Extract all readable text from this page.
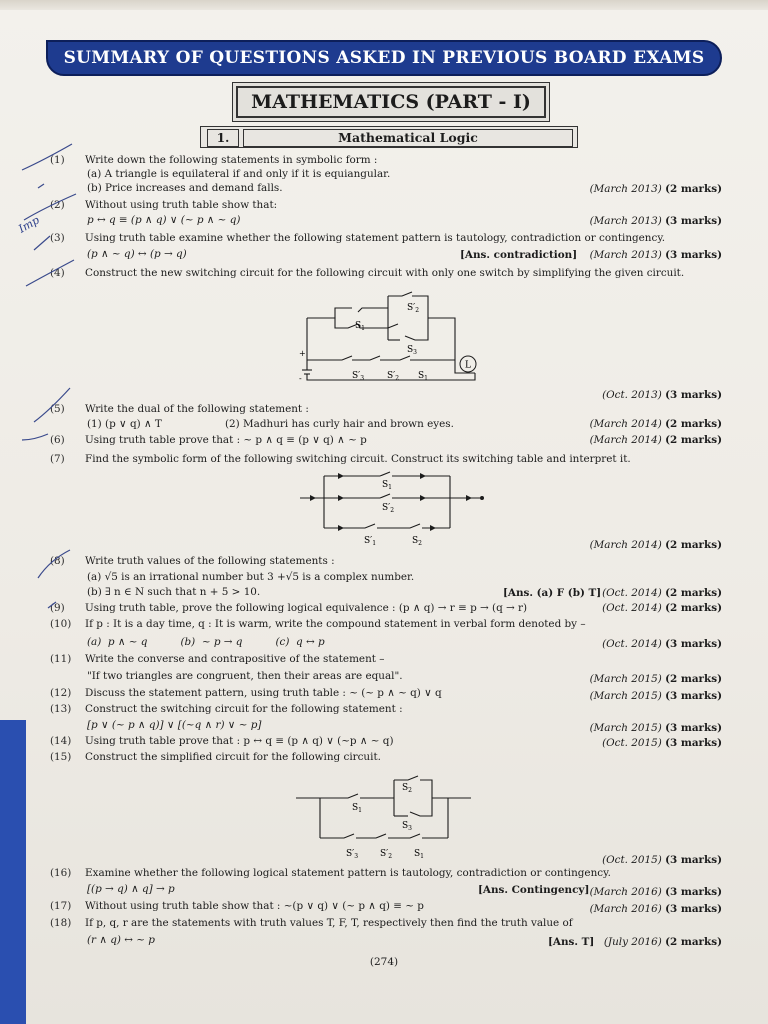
SUMMARY OF QUESTIONS ASKED IN PREVIOUS BOARD EXAMS
MATHEMATICS (PART - I)
1.	Mathematical Logic
(1) Write down the following statements in symbolic form :
(a) A triangle is equilateral if and only if it is equiangular.
(b) Price increases and demand falls.	(March 2013) (2 marks)
(2) Without using truth table show that:
p ↔ q ≡ (p ∧ q) ∨ (~ p ∧ ~ q)	(March 2013) (3 marks)
Imp
(3) Using truth table examine whether the following statement pattern is tautology, contradiction or contingency.
(p ∧ ~ q) ↔ (p → q)	[Ans. contradiction] (March 2013) (3 marks)
(4) Construct the new switching circuit for the following circuit with only one switch by simplifying the given circuit.
L
+
-
$S_1$
$S'_2$
$S_3$
$S'_3$	$S'_2$ $S_1$
(Oct. 2013) (3 marks)
(5) Write the dual of the following statement :
(1) (p ∨ q) ∧ T	(2) Madhuri has curly hair and brown eyes.	(March 2014) (2 marks)
(6) Using truth table prove that : ~ p ∧ q ≡ (p ∨ q) ∧ ~ p	(March 2014) (2 marks)
(7) Find the symbolic form of the following switching circuit. Construct its switching table and interpret it.
$S_1$
$S'_2$
$S'_1$	$S_2$	(March 2014) (2 marks)
(8) Write truth values of the following statements :
(a) √5 is an irrational number but 3 +√5 is a complex number.
(b) ∃ n ∈ N such that n + 5 > 10.	[Ans. (a) F (b) T] (Oct. 2014) (2 marks)
(9) Using truth table, prove the following logical equivalence : (p ∧ q) → r ≡ p → (q → r)	(Oct. 2014) (2 marks)
(10) If p : It is a day time, q : It is warm, write the compound statement in verbal form denoted by –
(a)  p ∧ ~ q          (b)  ~ p → q          (c)  q ↔ p	(Oct. 2014) (3 marks)
(11) Write the converse and contrapositive of the statement –
"If two triangles are congruent, then their areas are equal".	(March 2015) (2 marks)
(12) Discuss the statement pattern, using truth table : ~ (~ p ∧ ~ q) ∨ q	(March 2015) (3 marks)
(13) Construct the switching circuit for the following statement :
[p ∨ (~ p ∧ q)] ∨ [(~q ∧ r) ∨ ~ p]	(March 2015) (3 marks)
(14) Using truth table prove that : p ↔ q ≡ (p ∧ q) ∨ (~p ∧ ~ q)	(Oct. 2015) (3 marks)
(15) Construct the simplified circuit for the following circuit.
$S_1$
$S_2$
$S_3$
$S'_3$ $S'_2$ $S_1$	(Oct. 2015) (3 marks)
(16) Examine whether the following logical statement pattern is tautology, contradiction or contingency.
[(p → q) ∧ q] → p	[Ans. Contingency] (March 2016) (3 marks)
(17) Without using truth table show that : ~(p ∨ q) ∨ (~ p ∧ q) ≡ ~ p	(March 2016) (3 marks)
(18) If p, q, r are the statements with truth values T, F, T, respectively then find the truth value of
(r ∧ q) ↔ ~ p	[Ans. T] (July 2016) (2 marks)
(274)
